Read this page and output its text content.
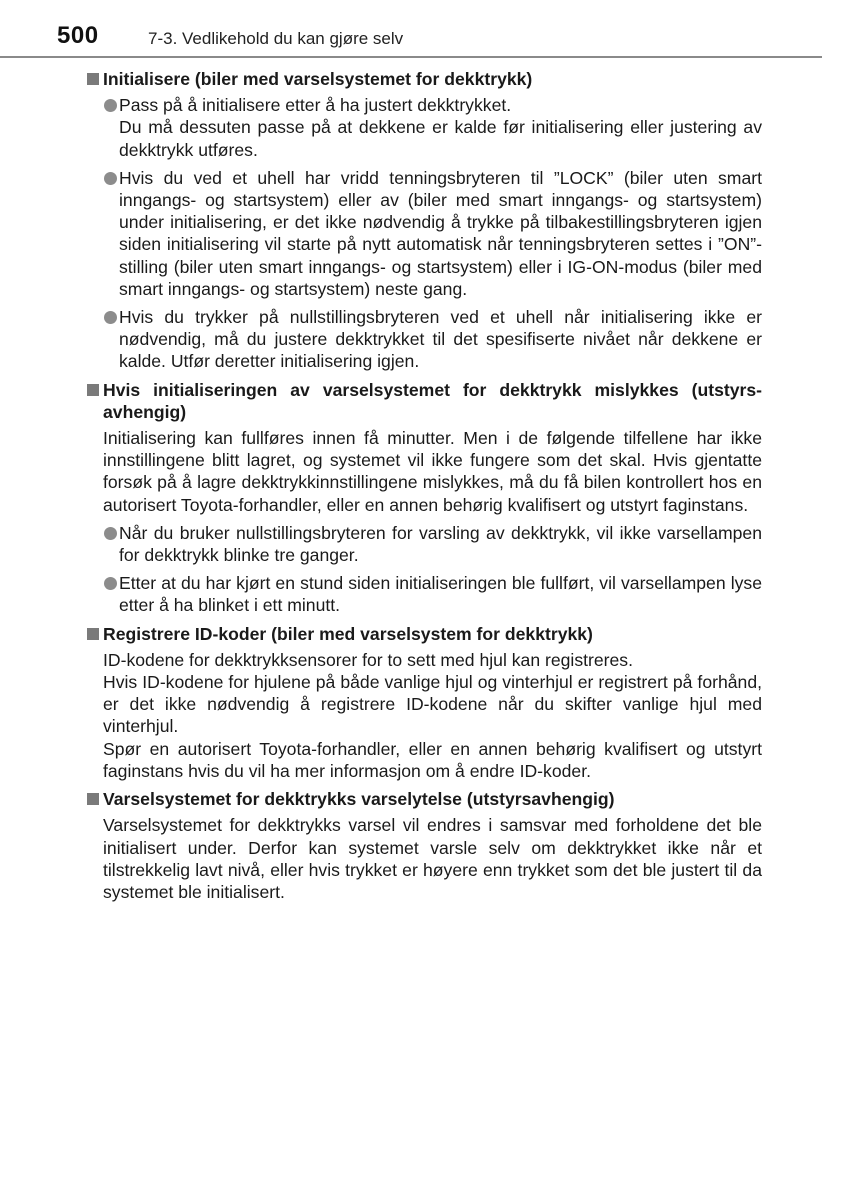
500	7-3. Vedlikehold du kan gjøre selv
Initialisere (biler med varselsystemet for dekktrykk)

Pass på å initialisere etter å ha justert dekktrykket.

Du må dessuten passe på at dekkene er kalde før initialisering eller justering av dekktrykk utføres.

Hvis du ved et uhell har vridd tenningsbryteren til ”LOCK” (biler uten smart inngangs- og startsystem) eller av (biler med smart inngangs- og startsystem) under initialisering, er det ikke nødvendig å trykke på tilbakestillingsbryteren igjen siden initialisering vil starte på nytt automatisk når tenningsbryteren settes i ”ON”-stilling (biler uten smart inngangs- og startsystem) eller i IG-ON-modus (biler med smart inngangs- og startsystem) neste gang.

Hvis du trykker på nullstillingsbryteren ved et uhell når initialisering ikke er nødvendig, må du justere dekktrykket til det spesifiserte nivået når dekkene er kalde. Utfør deretter initialisering igjen.

Hvis initialiseringen av varselsystemet for dekktrykk mislykkes (utstyrsavhengig)

Initialisering kan fullføres innen få minutter. Men i de følgende tilfellene har ikke innstillingene blitt lagret, og systemet vil ikke fungere som det skal. Hvis gjentatte forsøk på å lagre dekktrykkinnstillingene mislykkes, må du få bilen kontrollert hos en autorisert Toyota-forhandler, eller en annen behørig kvalifisert og utstyrt faginstans.

Når du bruker nullstillingsbryteren for varsling av dekktrykk, vil ikke varsellampen for dekktrykk blinke tre ganger.

Etter at du har kjørt en stund siden initialiseringen ble fullført, vil varsellampen lyse etter å ha blinket i ett minutt.

Registrere ID-koder (biler med varselsystem for dekktrykk)

ID-kodene for dekktrykksensorer for to sett med hjul kan registreres.

Hvis ID-kodene for hjulene på både vanlige hjul og vinterhjul er registrert på forhånd, er det ikke nødvendig å registrere ID-kodene når du skifter vanlige hjul med vinterhjul.

Spør en autorisert Toyota-forhandler, eller en annen behørig kvalifisert og utstyrt faginstans hvis du vil ha mer informasjon om å endre ID-koder.

Varselsystemet for dekktrykks varselytelse (utstyrsavhengig)

Varselsystemet for dekktrykks varsel vil endres i samsvar med forholdene det ble initialisert under. Derfor kan systemet varsle selv om dekktrykket ikke når et tilstrekkelig lavt nivå, eller hvis trykket er høyere enn trykket som det ble justert til da systemet ble initialisert.
